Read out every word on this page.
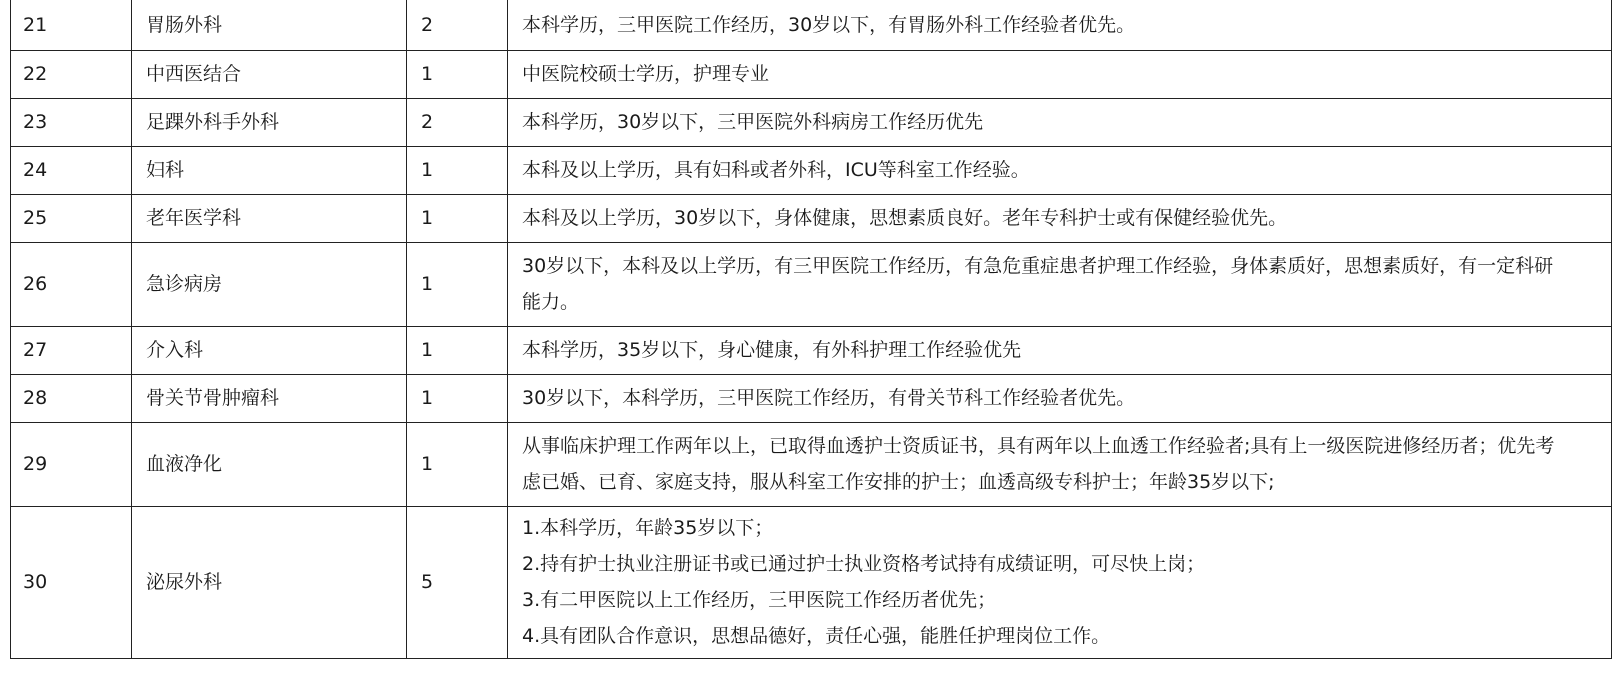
21	胃肠外科	2	本科学历，三甲医院工作经历，30岁以下，有胃肠外科工作经验者优先。

22	中西医结合	1	中医院校硕士学历，护理专业

23	足踝外科手外科	2	本科学历，30岁以下，三甲医院外科病房工作经历优先

24	妇科	1	本科及以上学历，具有妇科或者外科，ICU等科室工作经验。

25	老年医学科	1	本科及以上学历，30岁以下，身体健康，思想素质良好。老年专科护士或有保健经验优先。

26	急诊病房	1	30岁以下，本科及以上学历，有三甲医院工作经历，有急危重症患者护理工作经验，身体素质好，思想素质好，有一定科研
能力。

27	介入科	1	本科学历，35岁以下，身心健康，有外科护理工作经验优先

28	骨关节骨肿瘤科	1	30岁以下，本科学历，三甲医院工作经历，有骨关节科工作经验者优先。

29	血液净化	1	从事临床护理工作两年以上，已取得血透护士资质证书，具有两年以上血透工作经验者;具有上一级医院进修经历者；优先考
虑已婚、已育、家庭支持，服从科室工作安排的护士；血透高级专科护士；年龄35岁以下;

30	泌尿外科	5	1.本科学历，年龄35岁以下；
2.持有护士执业注册证书或已通过护士执业资格考试持有成绩证明，可尽快上岗；
3.有二甲医院以上工作经历，三甲医院工作经历者优先；
4.具有团队合作意识，思想品德好，责任心强，能胜任护理岗位工作。
